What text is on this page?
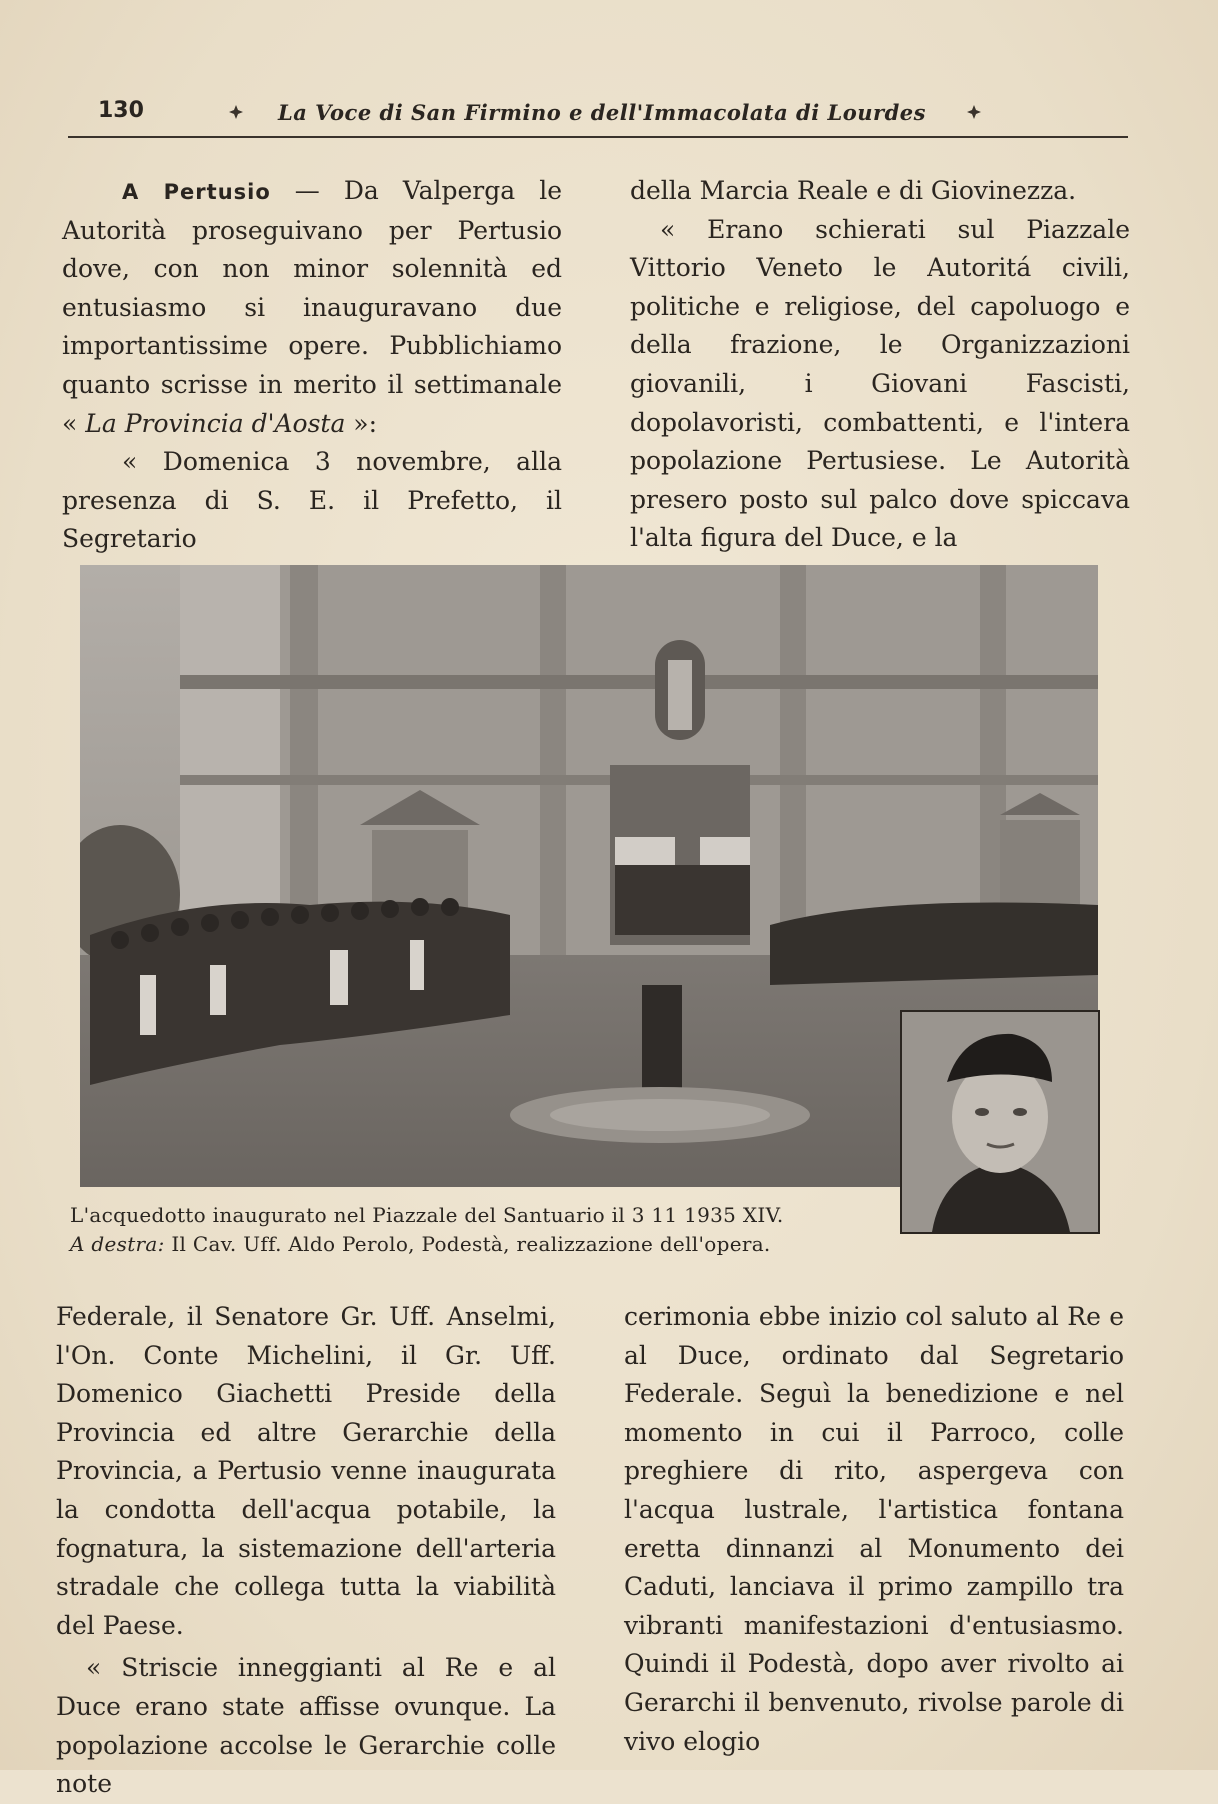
130	La Voce di San Firmino e dell'Immacolata di Lourdes

A Pertusio — Da Valperga le Autorità proseguivano per Pertusio dove, con non minor solennità ed entusiasmo si inauguravano due importantissime opere. Pubblichiamo quanto scrisse in merito il settimanale « La Provincia d'Aosta »:

« Domenica 3 novembre, alla presenza di S. E. il Prefetto, il Segretario

della Marcia Reale e di Giovinezza.

« Erano schierati sul Piazzale Vittorio Veneto le Autoritá civili, politiche e religiose, del capoluogo e della frazione, le Organizzazioni giovanili, i Giovani Fascisti, dopolavoristi, combattenti, e l'intera popolazione Pertusiese. Le Autorità presero posto sul palco dove spiccava l'alta figura del Duce, e la

L'acquedotto inaugurato nel Piazzale del Santuario il 3 11 1935 XIV.
A destra: Il Cav. Uff. Aldo Perolo, Podestà, realizzazione dell'opera.

Federale, il Senatore Gr. Uff. Anselmi, l'On. Conte Michelini, il Gr. Uff. Domenico Giachetti Preside della Provincia ed altre Gerarchie della Provincia, a Pertusio venne inaugurata la condotta dell'acqua potabile, la fognatura, la sistemazione dell'arteria stradale che collega tutta la viabilità del Paese.

« Striscie inneggianti al Re e al Duce erano state affisse ovunque. La popolazione accolse le Gerarchie colle note

cerimonia ebbe inizio col saluto al Re e al Duce, ordinato dal Segretario Federale. Seguì la benedizione e nel momento in cui il Parroco, colle preghiere di rito, aspergeva con l'acqua lustrale, l'artistica fontana eretta dinnanzi al Monumento dei Caduti, lanciava il primo zampillo tra vibranti manifestazioni d'entusiasmo. Quindi il Podestà, dopo aver rivolto ai Gerarchi il benvenuto, rivolse parole di vivo elogio
